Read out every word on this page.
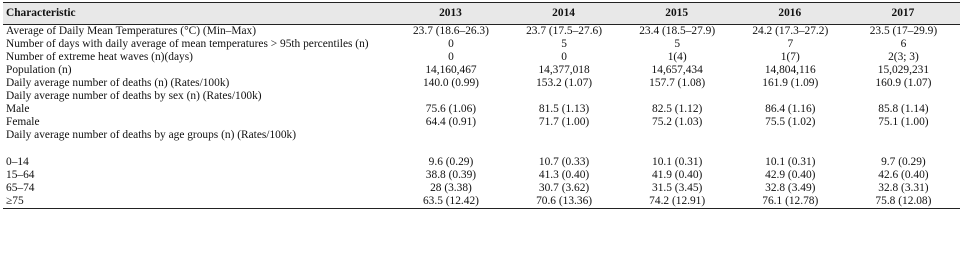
Characteristic	2013	2014	2015	2016	2017
Average of Daily Mean Temperatures (°C) (Min–Max)	23.7 (18.6–26.3)	23.7 (17.5–27.6)	23.4 (18.5–27.9)	24.2 (17.3–27.2)	23.5 (17–29.9)
Number of days with daily average of mean temperatures > 95th percentiles (n)	0	5	5	7	6
Number of extreme heat waves (n)(days)	0	0	1(4)	1(7)	2(3; 3)
Population (n)	14,160,467	14,377,018	14,657,434	14,804,116	15,029,231
Daily average number of deaths (n) (Rates/100k)	140.0 (0.99)	153.2 (1.07)	157.7 (1.08)	161.9 (1.09)	160.9 (1.07)
Daily average number of deaths by sex (n) (Rates/100k)					
Male	75.6 (1.06)	81.5 (1.13)	82.5 (1.12)	86.4 (1.16)	85.8 (1.14)
Female	64.4 (0.91)	71.7 (1.00)	75.2 (1.03)	75.5 (1.02)	75.1 (1.00)
Daily average number of deaths by age groups (n) (Rates/100k)					

0–14	9.6 (0.29)	10.7 (0.33)	10.1 (0.31)	10.1 (0.31)	9.7 (0.29)
15–64	38.8 (0.39)	41.3 (0.40)	41.9 (0.40)	42.9 (0.40)	42.6 (0.40)
65–74	28 (3.38)	30.7 (3.62)	31.5 (3.45)	32.8 (3.49)	32.8 (3.31)
≥75	63.5 (12.42)	70.6 (13.36)	74.2 (12.91)	76.1 (12.78)	75.8 (12.08)
